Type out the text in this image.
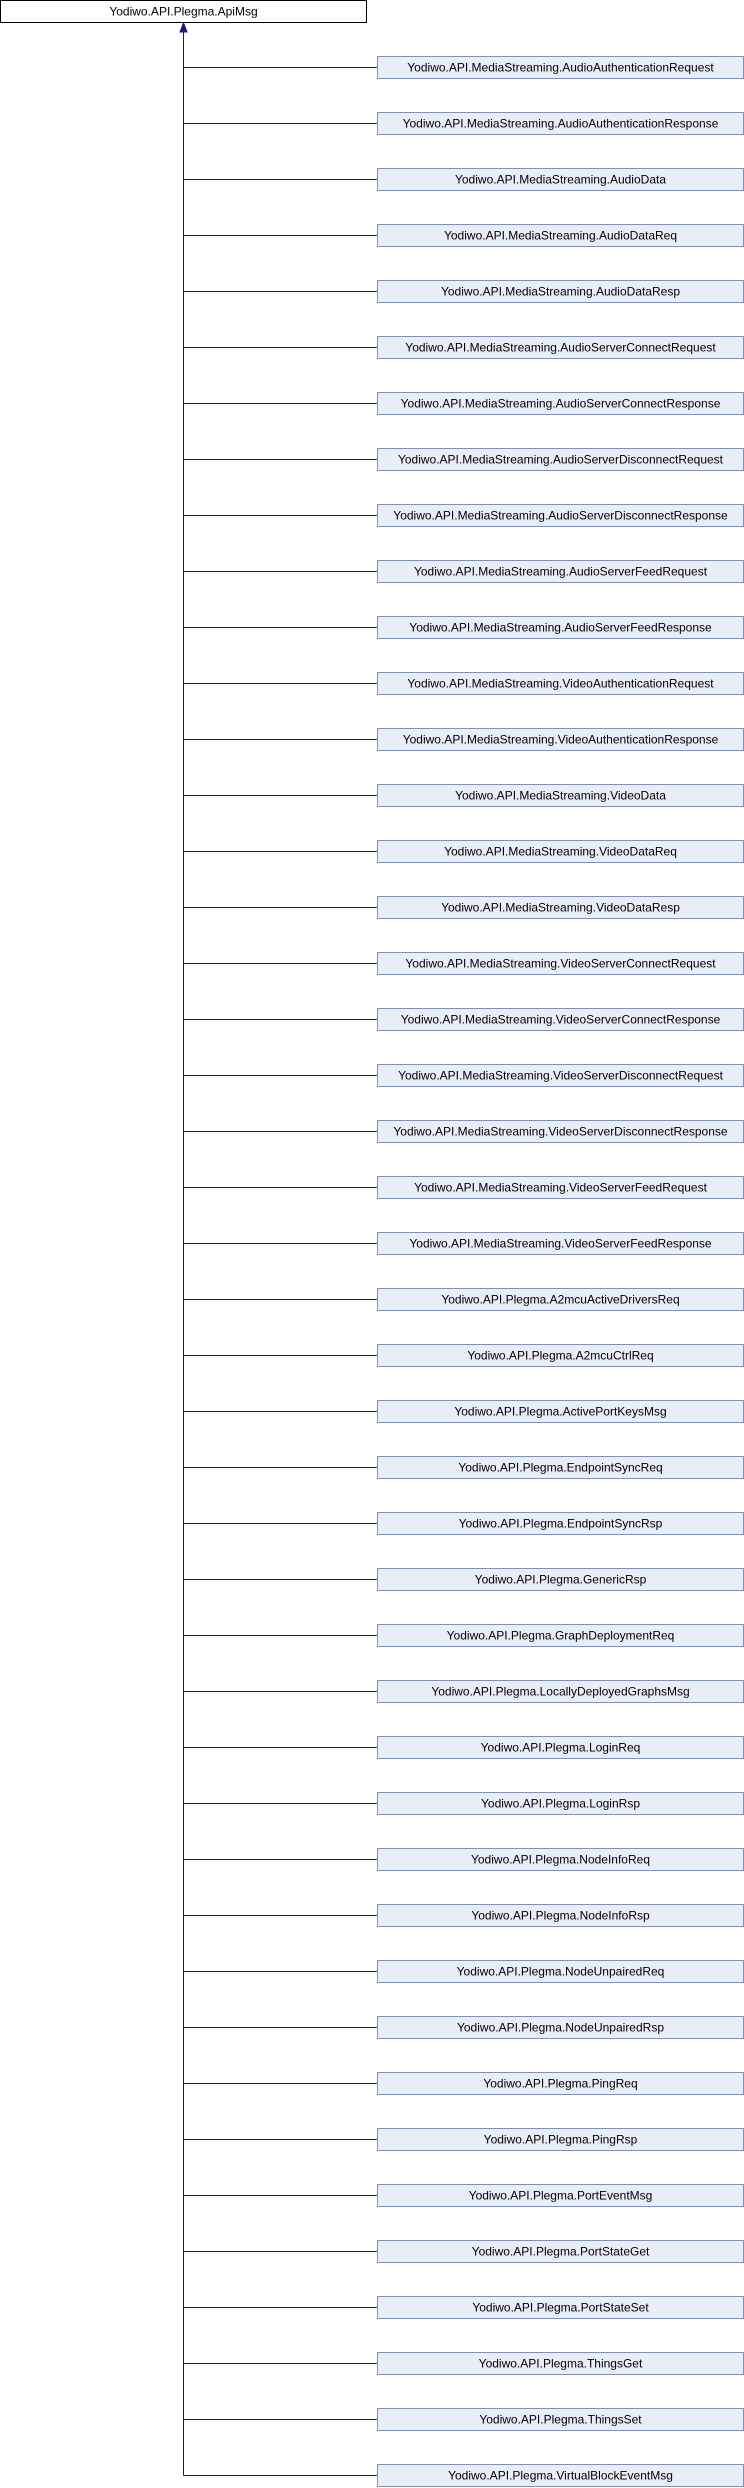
Yodiwo.API.Plegma.ApiMsg
Yodiwo.API.MediaStreaming.AudioAuthenticationRequest
Yodiwo.API.MediaStreaming.AudioAuthenticationResponse
Yodiwo.API.MediaStreaming.AudioData
Yodiwo.API.MediaStreaming.AudioDataReq
Yodiwo.API.MediaStreaming.AudioDataResp
Yodiwo.API.MediaStreaming.AudioServerConnectRequest
Yodiwo.API.MediaStreaming.AudioServerConnectResponse
Yodiwo.API.MediaStreaming.AudioServerDisconnectRequest
Yodiwo.API.MediaStreaming.AudioServerDisconnectResponse
Yodiwo.API.MediaStreaming.AudioServerFeedRequest
Yodiwo.API.MediaStreaming.AudioServerFeedResponse
Yodiwo.API.MediaStreaming.VideoAuthenticationRequest
Yodiwo.API.MediaStreaming.VideoAuthenticationResponse
Yodiwo.API.MediaStreaming.VideoData
Yodiwo.API.MediaStreaming.VideoDataReq
Yodiwo.API.MediaStreaming.VideoDataResp
Yodiwo.API.MediaStreaming.VideoServerConnectRequest
Yodiwo.API.MediaStreaming.VideoServerConnectResponse
Yodiwo.API.MediaStreaming.VideoServerDisconnectRequest
Yodiwo.API.MediaStreaming.VideoServerDisconnectResponse
Yodiwo.API.MediaStreaming.VideoServerFeedRequest
Yodiwo.API.MediaStreaming.VideoServerFeedResponse
Yodiwo.API.Plegma.A2mcuActiveDriversReq
Yodiwo.API.Plegma.A2mcuCtrlReq
Yodiwo.API.Plegma.ActivePortKeysMsg
Yodiwo.API.Plegma.EndpointSyncReq
Yodiwo.API.Plegma.EndpointSyncRsp
Yodiwo.API.Plegma.GenericRsp
Yodiwo.API.Plegma.GraphDeploymentReq
Yodiwo.API.Plegma.LocallyDeployedGraphsMsg
Yodiwo.API.Plegma.LoginReq
Yodiwo.API.Plegma.LoginRsp
Yodiwo.API.Plegma.NodeInfoReq
Yodiwo.API.Plegma.NodeInfoRsp
Yodiwo.API.Plegma.NodeUnpairedReq
Yodiwo.API.Plegma.NodeUnpairedRsp
Yodiwo.API.Plegma.PingReq
Yodiwo.API.Plegma.PingRsp
Yodiwo.API.Plegma.PortEventMsg
Yodiwo.API.Plegma.PortStateGet
Yodiwo.API.Plegma.PortStateSet
Yodiwo.API.Plegma.ThingsGet
Yodiwo.API.Plegma.ThingsSet
Yodiwo.API.Plegma.VirtualBlockEventMsg
